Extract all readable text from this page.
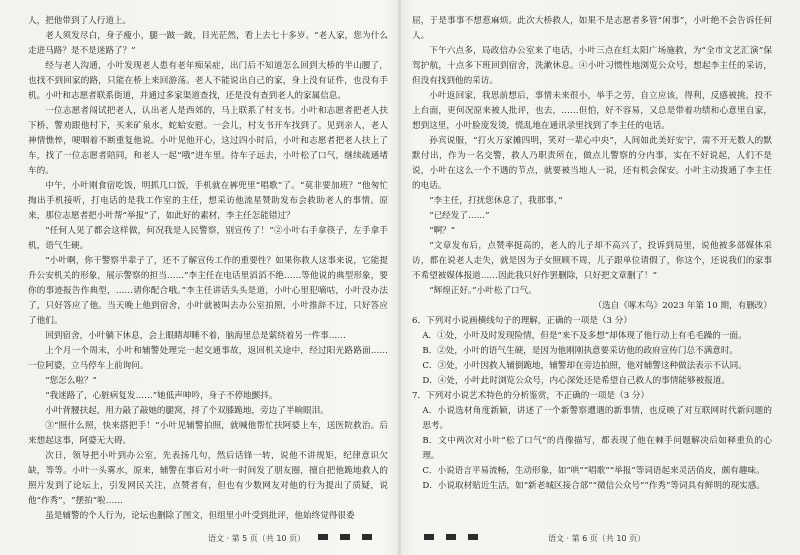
人，把他带到了人行道上。

老人须发尽白，身子瘦小，腿一跛一跛，目光茫然，看上去七十多岁。“老人家，您为什么走进马路？是不是迷路了？”

经与老人沟通，小叶发现老人患有老年痴呆症，出门后不知道怎么回到大桥的半山腰了，也找不到回家的路，只能在桥上来回游荡。老人不能说出自己的家，身上没有证件，也没有手机。小叶和志愿者联系街道，并通过多家渠道查找，还是没有查到老人的家属信息。

一位志愿者闯试把老人，认出老人是西郊的，马上联系了村支书。小叶和志愿者把老人扶下桥，警劝跟他村下，买来矿泉水，蛇蛤安慰。一会儿，村支书开车找到了。见到亲人，老人神情憔悴，哽咽着不断重复他说。小叶见他开心，这过四小时后，小叶和志愿者把老人扶上了车，找了一位志愿者陪同，和老人一起“哦”进车里。待车子远去，小叶松了口气，继续疏通堵车的。

中午，小叶刚食宿吃饭，明抓几口饭，手机就在裤兜里“唱歌”了。“莫非要加班？”他匆忙掏出手机接听，打电话的是我工作室的主任，想采访他流星赞助发布会救助老人的事情。原来，那位志愿者把小叶帮“举报”了，如此好的素材，李主任怎能错过？

“任何人见了都会这样做，何况我是人民警察，别宣传了！”②小叶右手拿筷子，左手拿手机，语气生硬。

“小叶啊，你干警察半辈子了，还不了解宣传工作的重要性？如果你救人这事来说，它能提升公安机关的形象，展示警察的担当……”李主任在电话里滔滔不绝……等他说的典型形象，要你的事迹报告作典型，……请你配合哦。”李主任讲话头头是道，小叶心里犯嘀咕，小叶没办法了，只好答应了他。当天晚上他到宿舍，小叶就被叫去办公室拍照，小叶推辞不过，只好答应了他们。

回到宿舍，小叶躺下休息，会上眼睛却睡不着，脑海里总是萦绕着另一件事……

上个月一个周末，小叶和辅警处理完一起交通事故，返回机关途中，经过阳光路路面……一位阿婆，立马停车上前询问。

“您怎么啦？”

“我迷路了，心脏病复发……”她低声呻吟，身子不停地颤抖。

小叶背腰扶起，用力敲了敲她的腿窝，捋了个双膝跪地，旁边了半晌眼泪。

③“照什么照，快来搭把手！”小叶见辅警拍照，就喊他帮忙扶阿婆上车，送医院救治。后来想起这事，阿婆无大碍。

次日，领导把小叶到办公室，先表扬几句，然后话锋一转，说他不讲规矩，纪律意识欠缺，等等。小叶一头雾水，原来，辅警在事后对小叶一时间发了朋友圈，擅自把他跪地救人的照片发到了论坛上，引发网民关注，点赞者有，但也有少数网友对他的行为提出了质疑，说他“作秀”，“摆拍”啦……

虽是辅警的个人行为，论坛也删除了图文，但组里小叶受到批评，他始终觉得很委

屈，于是事事不想惹麻烦。此次大桥救人，如果不是志愿者多管“闲事”，小叶绝不会告诉任何人。

下午六点多，局政信办公室来了电话，小叶三点在红太阳广场施救，为“全市文艺汇演”保驾护航，十点多下班回到宿舍，洗漱休息。④小叶习惯性地浏览公众号，想起李主任的采访，但没有找到他的采访。

小叶返回家，我思前想后，事情未来很小，举手之劳，自立应该，得利，反感被挑，投不上台面，更何况原来被人批评，也去，……但怕，好不容易，又总是带着功绩和心意里自家，想到这里，小叶脸庞发烫，慌乱地在通讯录里找到了李主任的电话。

孙宾说服，“打火万家摊四明，笑对一辈心中央”，人间如此美好安宁，需不开无数人的默默付出，作为一名交警，救人乃职责所在，做点儿警察的分内事，实在不好说起，人们不是说，小叶在这么一个不遇的节点，就要被当地人一说，还有机会保安。小叶主动拨通了李主任的电话。

“李主任，打扰您休息了，我那事，”

“已经发了……”

“啊？”

“文章发布后，点赞率挺高的，老人的儿子却不高兴了，投诉到局里，说他被多部媒体采访，都在说老人走失，就是因为子女照顾不周，儿子跟单位请假了，你这个，还说我们的家事不希望被媒体报道……因此我只好作罢删除，只好把文章删了！”

“辉煌正好。”小叶松了口气。

（选自《啄木鸟》2023 年第 10 期，有删改）

6．下列对小说画横线句子的理解，正确的一项是（3 分）

A．①处，小叶及时发现险情，但是“来不及多想”却体现了他行动上有毛毛躁的一面。

B．②处，小叶的语气生硬，是因为他刚刚执意要采访他的政府宣传门总不满意时。

C．③处，小叶因救人辅倒跪地，辅警却在旁边拍照，他对辅警这种做法表示不认同。

D．④处，小叶此时浏览公众号，内心深处还是希望自己救人的事情能够被报道。

7．下列对小说艺术特色的分析鉴赏，不正确的一项是（3 分）

A．小说选材角度新颖，讲述了一个新警察遭遇的新事情，也反映了对互联网时代新问题的思考。

B．文中两次对小叶“松了口气”的肖像描写，都表现了他在棘手问题解决后如释重负的心理。

C．小说语言平易流畅，生动形象，如“哄”“唱歌”“举报”等词语起来灵活俏皮，颇有趣味。

D．小说取材贴近生活，如“新老城区接合部”“微信公众号”“作秀”等词具有鲜明的现实感。

语文 · 第 5 页（共 10 页）	语文 · 第 6 页（共 10 页）
